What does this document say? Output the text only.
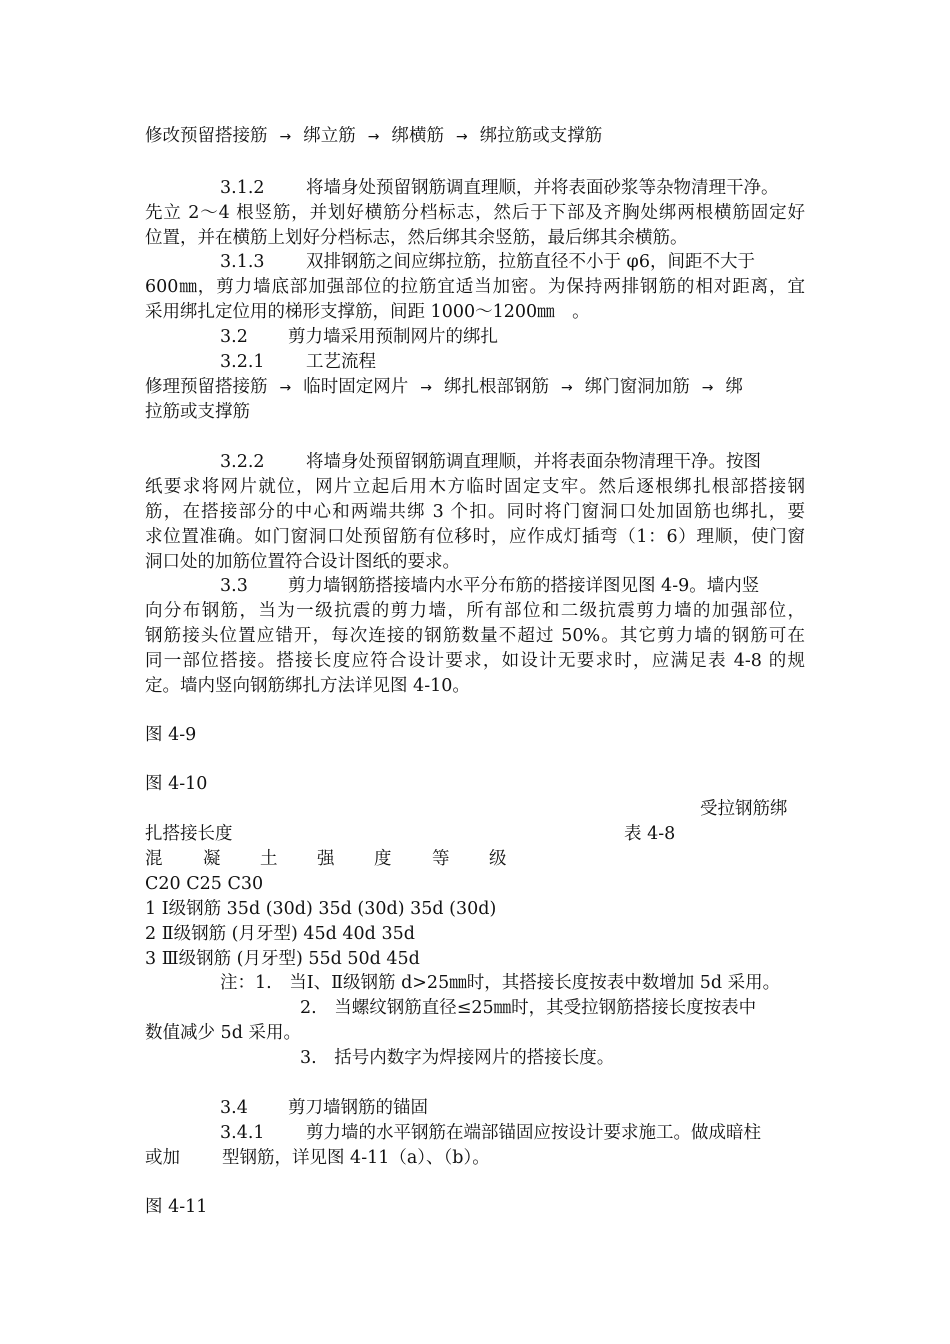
修改预留搭接筋 → 绑立筋 → 绑横筋 → 绑拉筋或支撑筋
3.1.2 将墙身处预留钢筋调直理顺，并将表面砂浆等杂物清理干净。
先立 2～4 根竖筋，并划好横筋分档标志，然后于下部及齐胸处绑两根横筋固定好
位置，并在横筋上划好分档标志，然后绑其余竖筋，最后绑其余横筋。
3.1.3 双排钢筋之间应绑拉筋，拉筋直径不小于 φ6，间距不大于
600㎜，剪力墙底部加强部位的拉筋宜适当加密。为保持两排钢筋的相对距离，宜
采用绑扎定位用的梯形支撑筋，间距 1000～1200㎜　。
3.2 剪力墙采用预制网片的绑扎
3.2.1 工艺流程
修理预留搭接筋 → 临时固定网片 → 绑扎根部钢筋 → 绑门窗洞加筋 → 绑
拉筋或支撑筋
3.2.2 将墙身处预留钢筋调直理顺，并将表面杂物清理干净。按图
纸要求将网片就位，网片立起后用木方临时固定支牢。然后逐根绑扎根部搭接钢
筋，在搭接部分的中心和两端共绑 3 个扣。同时将门窗洞口处加固筋也绑扎，要
求位置准确。如门窗洞口处预留筋有位移时，应作成灯插弯（1：6）理顺，使门窗
洞口处的加筋位置符合设计图纸的要求。
3.3 剪力墙钢筋搭接墙内水平分布筋的搭接详图见图 4-9。墙内竖
向分布钢筋，当为一级抗震的剪力墙，所有部位和二级抗震剪力墙的加强部位，
钢筋接头位置应错开，每次连接的钢筋数量不超过 50%。其它剪力墙的钢筋可在
同一部位搭接。搭接长度应符合设计要求，如设计无要求时，应满足表 4-8 的规
定。墙内竖向钢筋绑扎方法详见图 4-10。
图 4-9
图 4-10
受拉钢筋绑
扎搭接长度	表 4-8
混 凝 土 强 度 等 级
C20 C25 C30
1 Ⅰ级钢筋 35d (30d) 35d (30d) 35d (30d)
2 Ⅱ级钢筋 (月牙型) 45d 40d 35d
3 Ⅲ级钢筋 (月牙型) 55d 50d 45d
注：1.　当Ⅰ、Ⅱ级钢筋 d>25㎜时，其搭接长度按表中数增加 5d 采用。
2.　当螺纹钢筋直径≤25㎜时，其受拉钢筋搭接长度按表中
数值减少 5d 采用。
3.　括号内数字为焊接网片的搭接长度。
3.4 剪刀墙钢筋的锚固
3.4.1 剪力墙的水平钢筋在端部锚固应按设计要求施工。做成暗柱
或加 型钢筋，详见图 4-11（a）、（b）。
图 4-11
